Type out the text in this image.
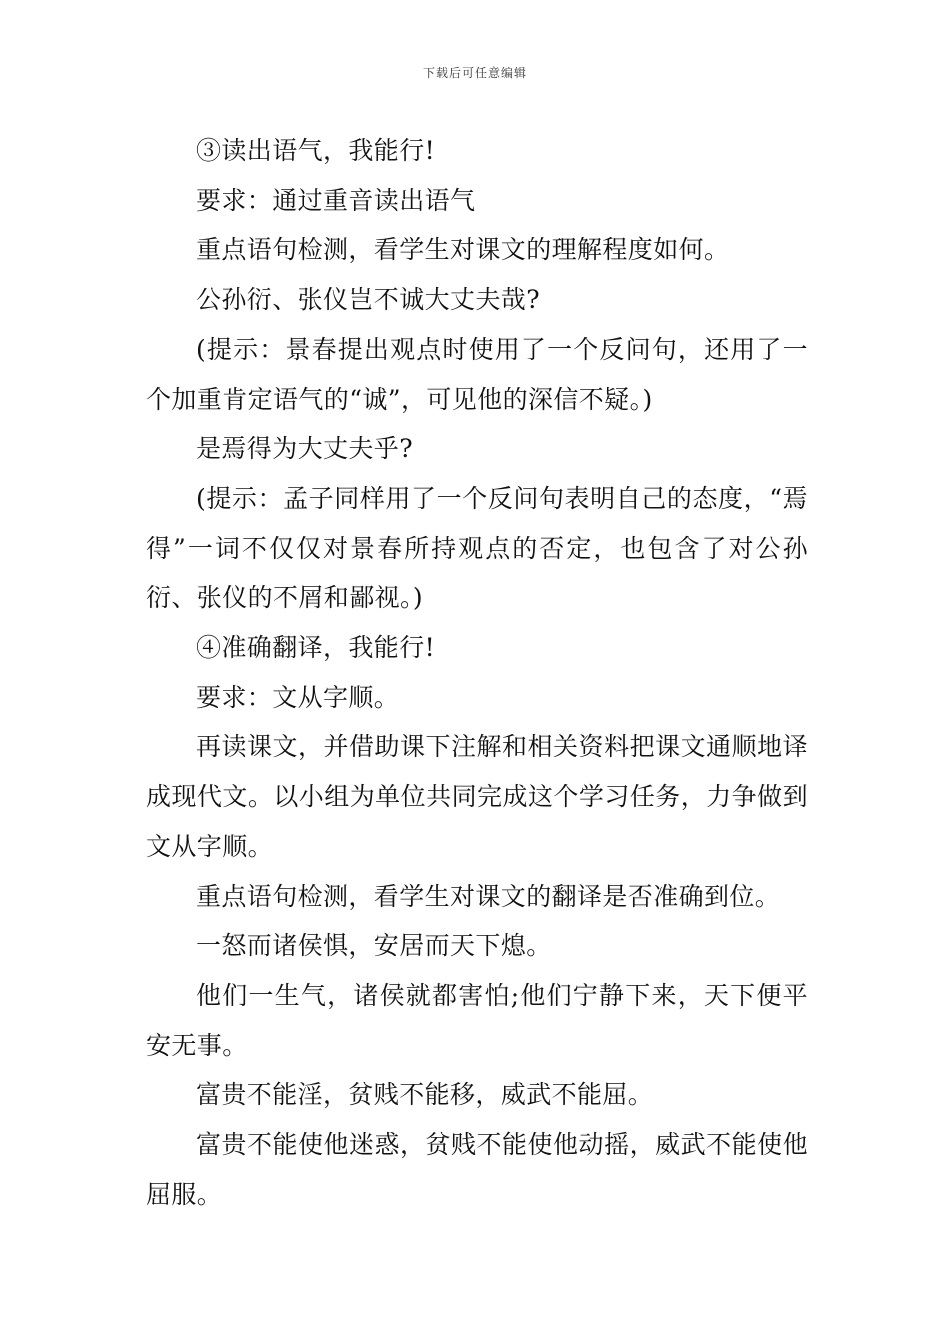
下载后可任意编辑

③读出语气，我能行!

要求：通过重音读出语气

重点语句检测，看学生对课文的理解程度如何。

公孙衍、张仪岂不诚大丈夫哉?

(提示：景春提出观点时使用了一个反问句，还用了一个加重肯定语气的“诚”，可见他的深信不疑。)

是焉得为大丈夫乎?

(提示：孟子同样用了一个反问句表明自己的态度，“焉得”一词不仅仅对景春所持观点的否定，也包含了对公孙衍、张仪的不屑和鄙视。)

④准确翻译，我能行!

要求：文从字顺。

再读课文，并借助课下注解和相关资料把课文通顺地译成现代文。以小组为单位共同完成这个学习任务，力争做到文从字顺。

重点语句检测，看学生对课文的翻译是否准确到位。

一怒而诸侯惧，安居而天下熄。

他们一生气，诸侯就都害怕;他们宁静下来，天下便平安无事。

富贵不能淫，贫贱不能移，威武不能屈。

富贵不能使他迷惑，贫贱不能使他动摇，威武不能使他屈服。
